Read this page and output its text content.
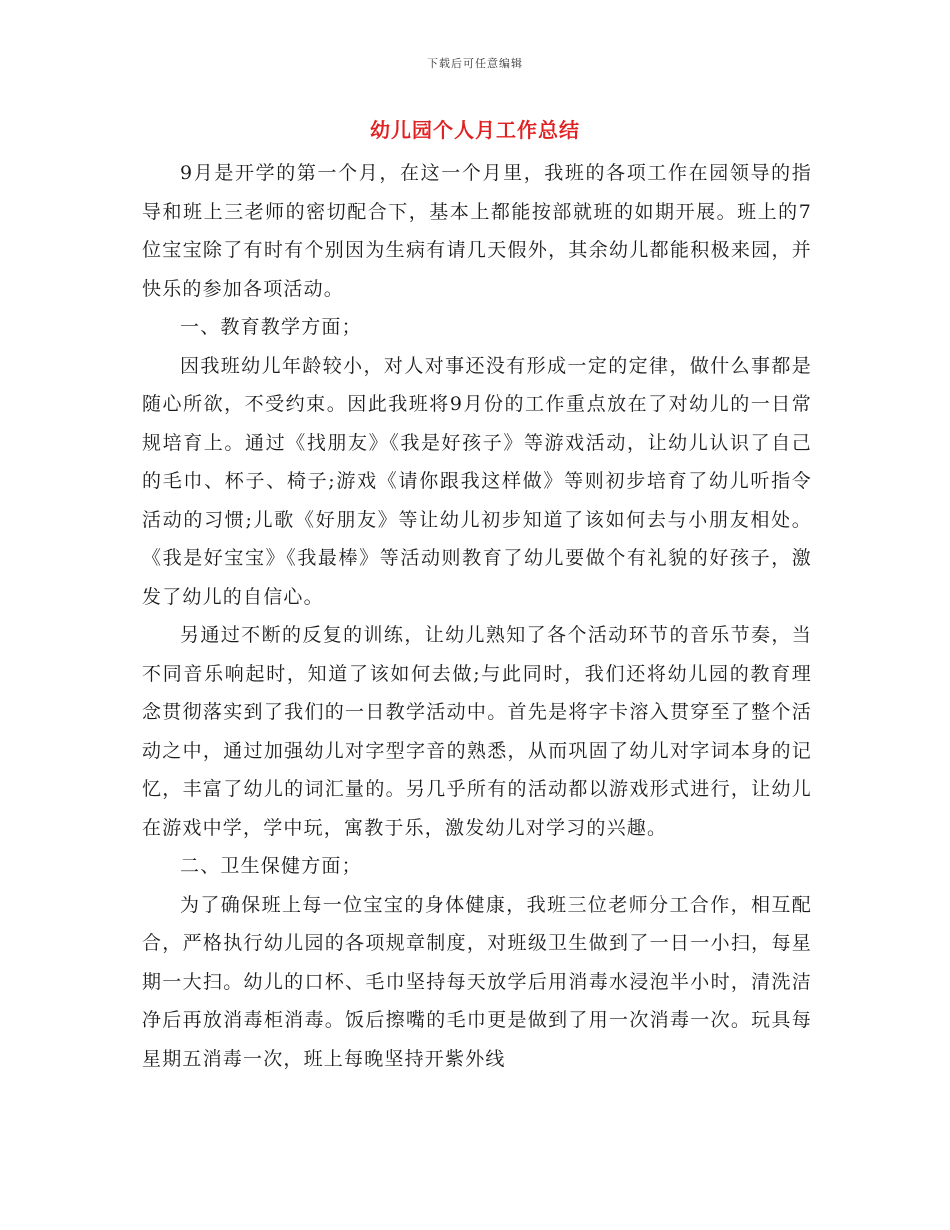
下载后可任意编辑
幼儿园个人月工作总结

9月是开学的第一个月，在这一个月里，我班的各项工作在园领导的指导和班上三老师的密切配合下，基本上都能按部就班的如期开展。班上的7位宝宝除了有时有个别因为生病有请几天假外，其余幼儿都能积极来园，并快乐的参加各项活动。

一、教育教学方面；

因我班幼儿年龄较小，对人对事还没有形成一定的定律，做什么事都是随心所欲，不受约束。因此我班将9月份的工作重点放在了对幼儿的一日常规培育上。通过《找朋友》《我是好孩子》等游戏活动，让幼儿认识了自己的毛巾、杯子、椅子;游戏《请你跟我这样做》等则初步培育了幼儿听指令活动的习惯;儿歌《好朋友》等让幼儿初步知道了该如何去与小朋友相处。《我是好宝宝》《我最棒》等活动则教育了幼儿要做个有礼貌的好孩子，激发了幼儿的自信心。

另通过不断的反复的训练，让幼儿熟知了各个活动环节的音乐节奏，当不同音乐响起时，知道了该如何去做;与此同时，我们还将幼儿园的教育理念贯彻落实到了我们的一日教学活动中。首先是将字卡溶入贯穿至了整个活动之中，通过加强幼儿对字型字音的熟悉，从而巩固了幼儿对字词本身的记忆，丰富了幼儿的词汇量的。另几乎所有的活动都以游戏形式进行，让幼儿在游戏中学，学中玩，寓教于乐，激发幼儿对学习的兴趣。

二、卫生保健方面；

为了确保班上每一位宝宝的身体健康，我班三位老师分工合作，相互配合，严格执行幼儿园的各项规章制度，对班级卫生做到了一日一小扫，每星期一大扫。幼儿的口杯、毛巾坚持每天放学后用消毒水浸泡半小时，清洗洁净后再放消毒柜消毒。饭后擦嘴的毛巾更是做到了用一次消毒一次。玩具每星期五消毒一次，班上每晚坚持开紫外线
